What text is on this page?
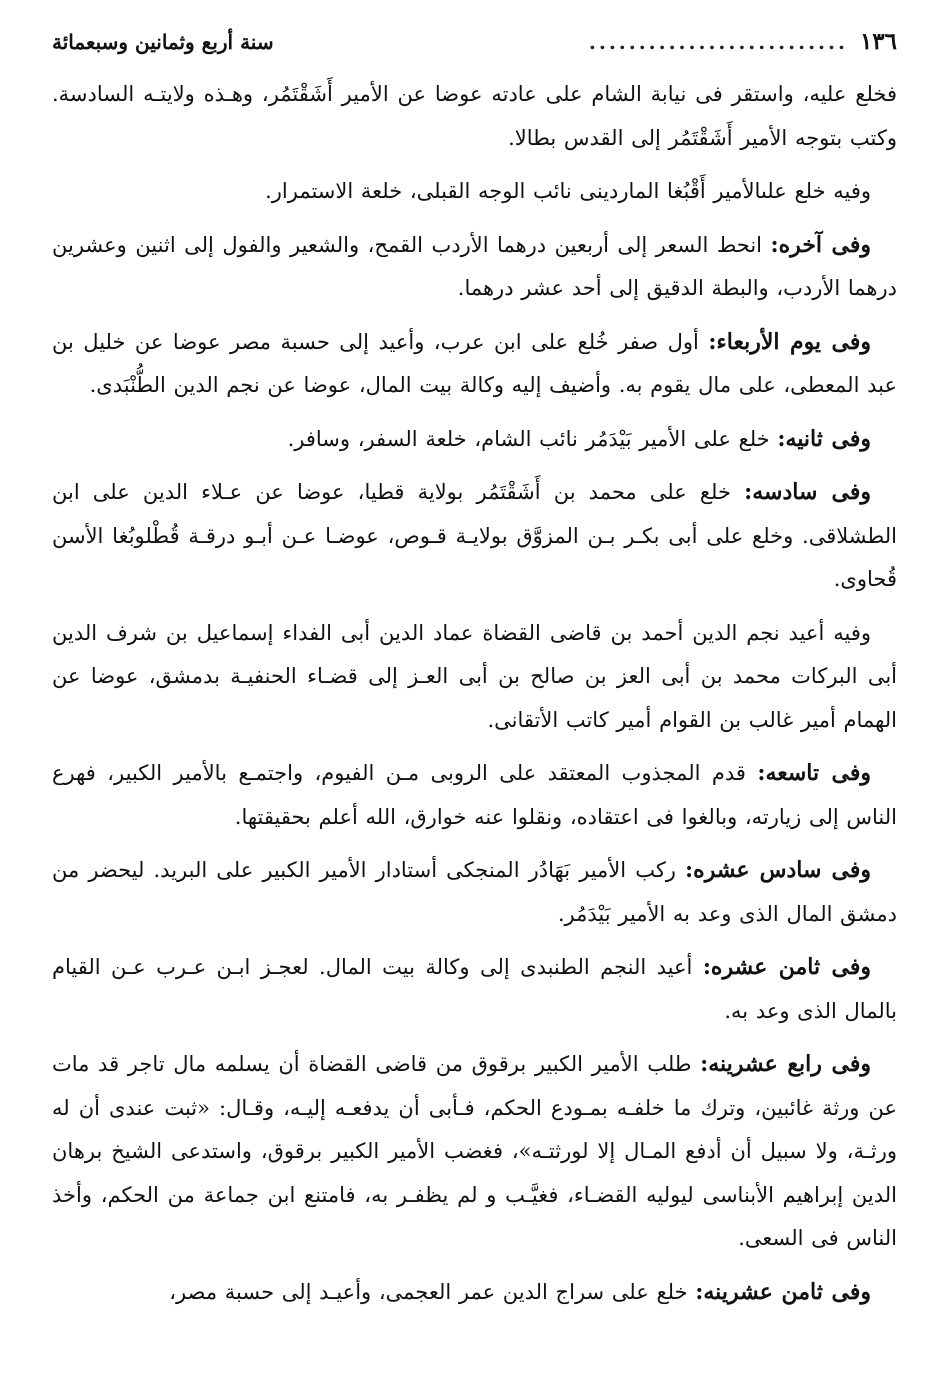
١٣٦
..........................
سنة أربع وثمانين وسبعمائة

فخلع عليه، واستقر فى نيابة الشام على عادته عوضا عن الأمير أَشَقْتَمُر، وهـذه ولايتـه السادسة. وكتب بتوجه الأمير أَشَقْتَمُر إلى القدس بطالا.

وفيه خلع علىالأمير أَقْبُغا الماردينى نائب الوجه القبلى، خلعة الاستمرار.

وفى آخره: انحط السعر إلى أربعين درهما الأردب القمح، والشعير والفول إلى اثنين وعشرين درهما الأردب، والبطة الدقيق إلى أحد عشر درهما.

وفى يوم الأربعاء: أول صفر خُلع على ابن عرب، وأعيد إلى حسبة مصر عوضا عن خليل بن عبد المعطى، على مال يقوم به. وأضيف إليه وكالة بيت المال، عوضا عن نجم الدين الطُّنْبَدى.

وفى ثانيه: خلع على الأمير بَيْدَمُر نائب الشام، خلعة السفر، وسافر.

وفى سادسه: خلع على محمد بن أَشَقْتَمُر بولاية قطيا، عوضا عن عـلاء الدين على ابن الطشلاقى. وخلع على أبى بكـر بـن المزوَّق بولايـة قـوص، عوضـا عـن أبـو درقـة قُطْلوبُغا الأسن قُحاوى.

وفيه أعيد نجم الدين أحمد بن قاضى القضاة عماد الدين أبى الفداء إسماعيل بن شرف الدين أبى البركات محمد بن أبى العز بن صالح بن أبى العـز إلى قضـاء الحنفيـة بدمشق، عوضا عن الهمام أمير غالب بن القوام أمير كاتب الأتقانى.

وفى تاسعه: قدم المجذوب المعتقد على الروبى مـن الفيوم، واجتمـع بالأمير الكبير، فهرع الناس إلى زيارته، وبالغوا فى اعتقاده، ونقلوا عنه خوارق، الله أعلم بحقيقتها.

وفى سادس عشره: ركب الأمير بَهَادُر المنجكى أستادار الأمير الكبير على البريد. ليحضر من دمشق المال الذى وعد به الأمير بَيْدَمُر.

وفى ثامن عشره: أعيد النجم الطنبدى إلى وكالة بيت المال. لعجـز ابـن عـرب عـن القيام بالمال الذى وعد به.

وفى رابع عشرينه: طلب الأمير الكبير برقوق من قاضى القضاة أن يسلمه مال تاجر قد مات عن ورثة غائبين، وترك ما خلفـه بمـودع الحكم، فـأبى أن يدفعـه إليـه، وقـال: «ثبت عندى أن له ورثـة، ولا سبيل أن أدفع المـال إلا لورثتـه»، فغضب الأمير الكبير برقوق، واستدعى الشيخ برهان الدين إبراهيم الأبناسى ليوليه القضـاء، فغيَّـب و لم يظفـر به، فامتنع ابن جماعة من الحكم، وأخذ الناس فى السعى.

وفى ثامن عشرينه: خلع على سراج الدين عمر العجمى، وأعيـد إلى حسبة مصر،
